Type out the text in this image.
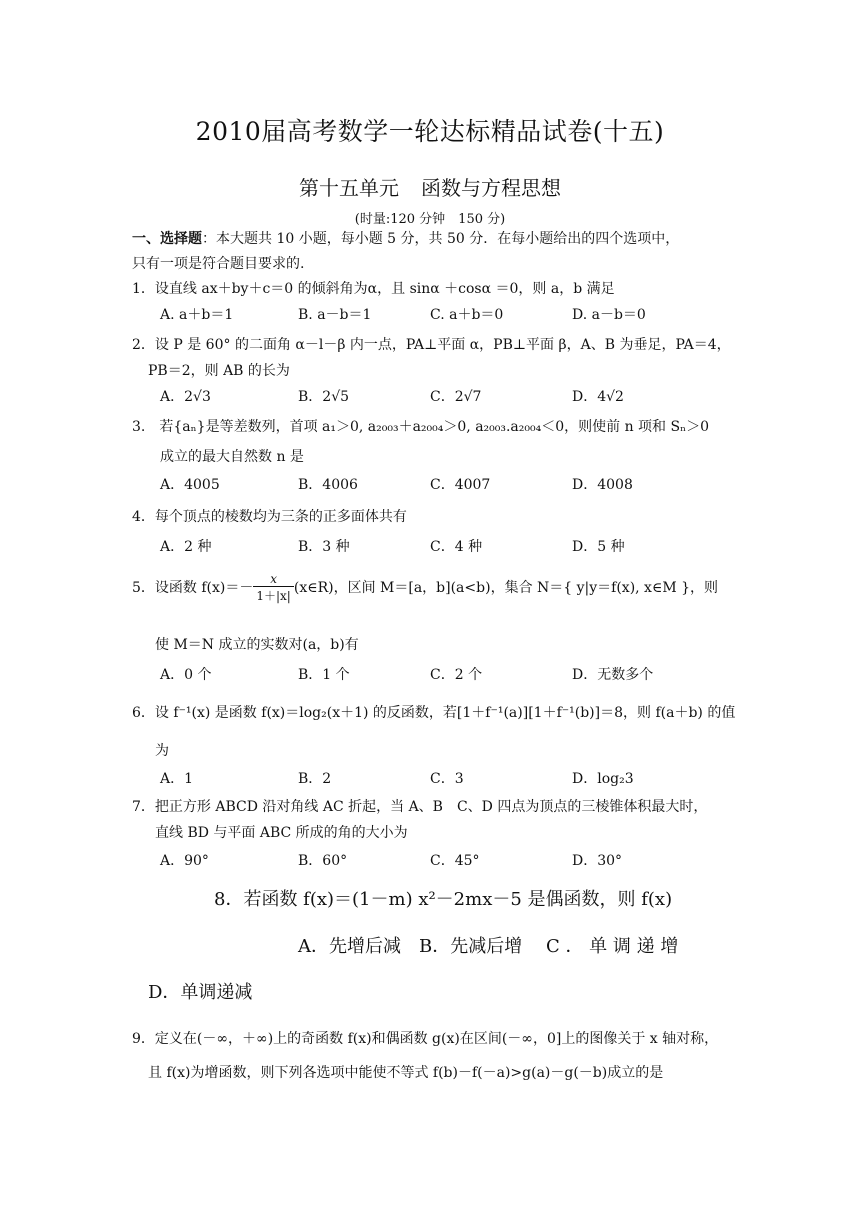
2010届高考数学一轮达标精品试卷(十五)
第十五单元 函数与方程思想
(时量:120 分钟　150 分)
一、选择题：本大题共 10 小题，每小题 5 分，共 50 分．在每小题给出的四个选项中，
只有一项是符合题目要求的.
1．设直线 ax＋by＋c＝0 的倾斜角为α，且 sinα ＋cosα ＝0，则 a，b 满足
A. a＋b＝1	B. a－b＝1	C. a＋b＝0	D. a－b＝0
2．设 P 是 60° 的二面角 α－l－β 内一点，PA⊥平面 α，PB⊥平面 β，A、B 为垂足，PA＝4，
PB＝2，则 AB 的长为
A．2√3	B．2√5	C．2√7	D．4√2
3.　若{aₙ}是等差数列，首项 a₁＞0, a₂₀₀₃＋a₂₀₀₄＞0, a₂₀₀₃.a₂₀₀₄＜0，则使前 n 项和 Sₙ＞0
成立的最大自然数 n 是
A．4005	B．4006	C．4007	D．4008
4．每个顶点的棱数均为三条的正多面体共有
A．2 种	B．3 种	C．4 种	D．5 种
5．设函数 $f(x)=- \frac{x}{1+|x|}$ (x∈R)，区间 M＝[a，b](a<b)，集合 N＝{ y|y＝f(x), x∈M }，则
使 M＝N 成立的实数对(a，b)有
A．0 个	B．1 个	C．2 个	D．无数多个
6．设 f⁻¹(x) 是函数 f(x)＝log₂(x＋1) 的反函数，若[1＋f⁻¹(a)][1＋f⁻¹(b)]＝8，则 f(a＋b) 的值
为
A．1	B．2	C．3	D．log₂3
7．把正方形 ABCD 沿对角线 AC 折起，当 A、B　C、D 四点为顶点的三棱锥体积最大时，
直线 BD 与平面 ABC 所成的角的大小为
A．90°	B．60°	C．45°	D．30°
8．若函数 f(x)＝(1－m) x²－2mx－5 是偶函数，则 f(x)
A．先增后减　B．先减后增　 C ． 单 调 递 增
D．单调递减
9．定义在(－∞，＋∞)上的奇函数 f(x)和偶函数 g(x)在区间(－∞，0]上的图像关于 x 轴对称，
且 f(x)为增函数，则下列各选项中能使不等式 f(b)－f(－a)>g(a)－g(－b)成立的是
